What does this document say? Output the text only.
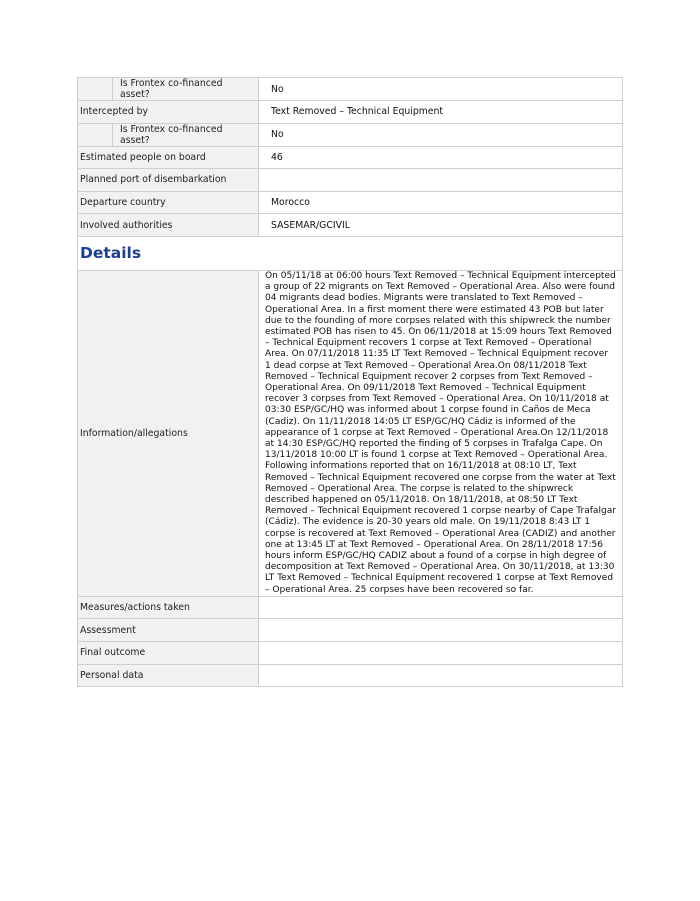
	Is Frontex co-financed asset?	No
Intercepted by		Text Removed – Technical Equipment
	Is Frontex co-financed asset?	No
Estimated people on board		46
Planned port of disembarkation		
Departure country		Morocco
Involved authorities		SASEMAR/GCIVIL
Details		
Information/allegations		On 05/11/18 at 06:00 hours Text Removed – Technical Equipment intercepted a group of 22 migrants on Text Removed – Operational Area. Also were found 04 migrants dead bodies. Migrants were translated to Text Removed – Operational Area. In a first moment there were estimated 43 POB but later due to the founding of more corpses related with this shipwreck the number estimated POB has risen to 45. On 06/11/2018 at 15:09 hours Text Removed – Technical Equipment recovers 1 corpse at Text Removed – Operational Area. On 07/11/2018 11:35 LT Text Removed – Technical Equipment recover 1 dead corpse at Text Removed – Operational Area.On 08/11/2018 Text Removed – Technical Equipment recover 2 corpses from Text Removed – Operational Area. On 09/11/2018 Text Removed – Technical Equipment recover 3 corpses from Text Removed – Operational Area. On 10/11/2018 at 03:30 ESP/GC/HQ was informed about 1 corpse found in Caños de Meca (Cadiz). On 11/11/2018 14:05 LT ESP/GC/HQ Cádiz is informed of the appearance of 1 corpse at Text Removed – Operational Area.On 12/11/2018 at 14:30 ESP/GC/HQ reported the finding of 5 corpses in Trafalga Cape. On 13/11/2018 10:00 LT is found 1 corpse at Text Removed – Operational Area. Following informations reported that on 16/11/2018 at 08:10 LT, Text Removed – Technical Equipment recovered one corpse from the water at Text Removed – Operational Area. The corpse is related to the shipwreck described happened on 05/11/2018. On 18/11/2018, at 08:50 LT Text Removed – Technical Equipment recovered 1 corpse nearby of Cape Trafalgar (Cádiz). The evidence is 20-30 years old male. On 19/11/2018 8:43 LT 1 corpse is recovered at Text Removed – Operational Area (CADIZ) and another one at 13:45 LT at Text Removed – Operational Area. On 28/11/2018 17:56 hours inform ESP/GC/HQ CADIZ about a found of a corpse in high degree of decomposition at Text Removed – Operational Area. On 30/11/2018, at 13:30 LT Text Removed – Technical Equipment recovered 1 corpse at Text Removed – Operational Area. 25 corpses have been recovered so far.
Measures/actions taken		
Assessment		
Final outcome		
Personal data		
